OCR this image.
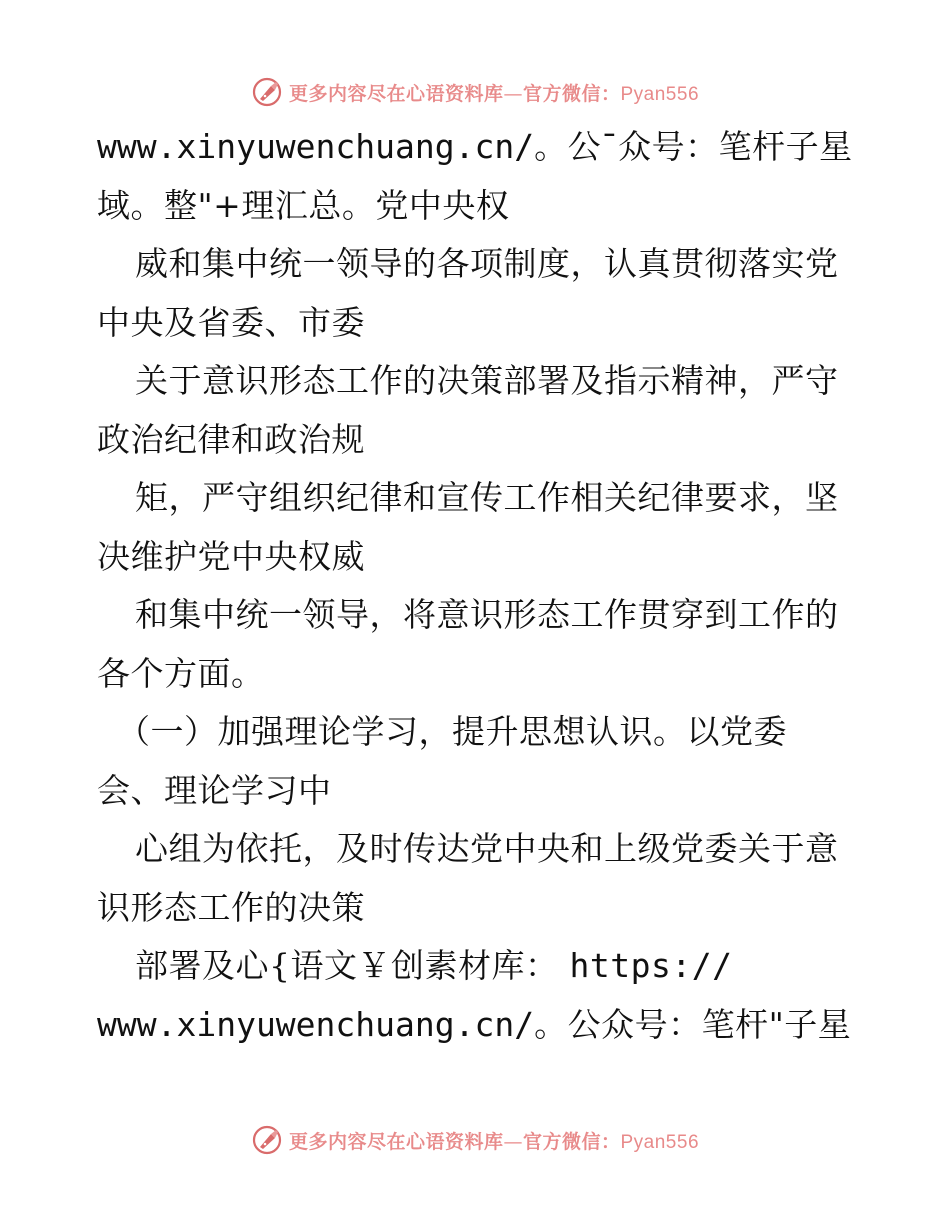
更多内容尽在心语资料库—官方微信：Pyan556
www.xinyuwenchuang.cn/。公¯众号：笔杆子星
域。整"+理汇总。党中央权
威和集中统一领导的各项制度，认真贯彻落实党
中央及省委、市委
关于意识形态工作的决策部署及指示精神，严守
政治纪律和政治规
矩，严守组织纪律和宣传工作相关纪律要求，坚
决维护党中央权威
和集中统一领导，将意识形态工作贯穿到工作的
各个方面。
（一）加强理论学习，提升思想认识。以党委
会、理论学习中
心组为依托，及时传达党中央和上级党委关于意
识形态工作的决策
部署及心{语文￥创素材库： https://
www.xinyuwenchuang.cn/。公众号：笔杆"子星
更多内容尽在心语资料库—官方微信：Pyan556
